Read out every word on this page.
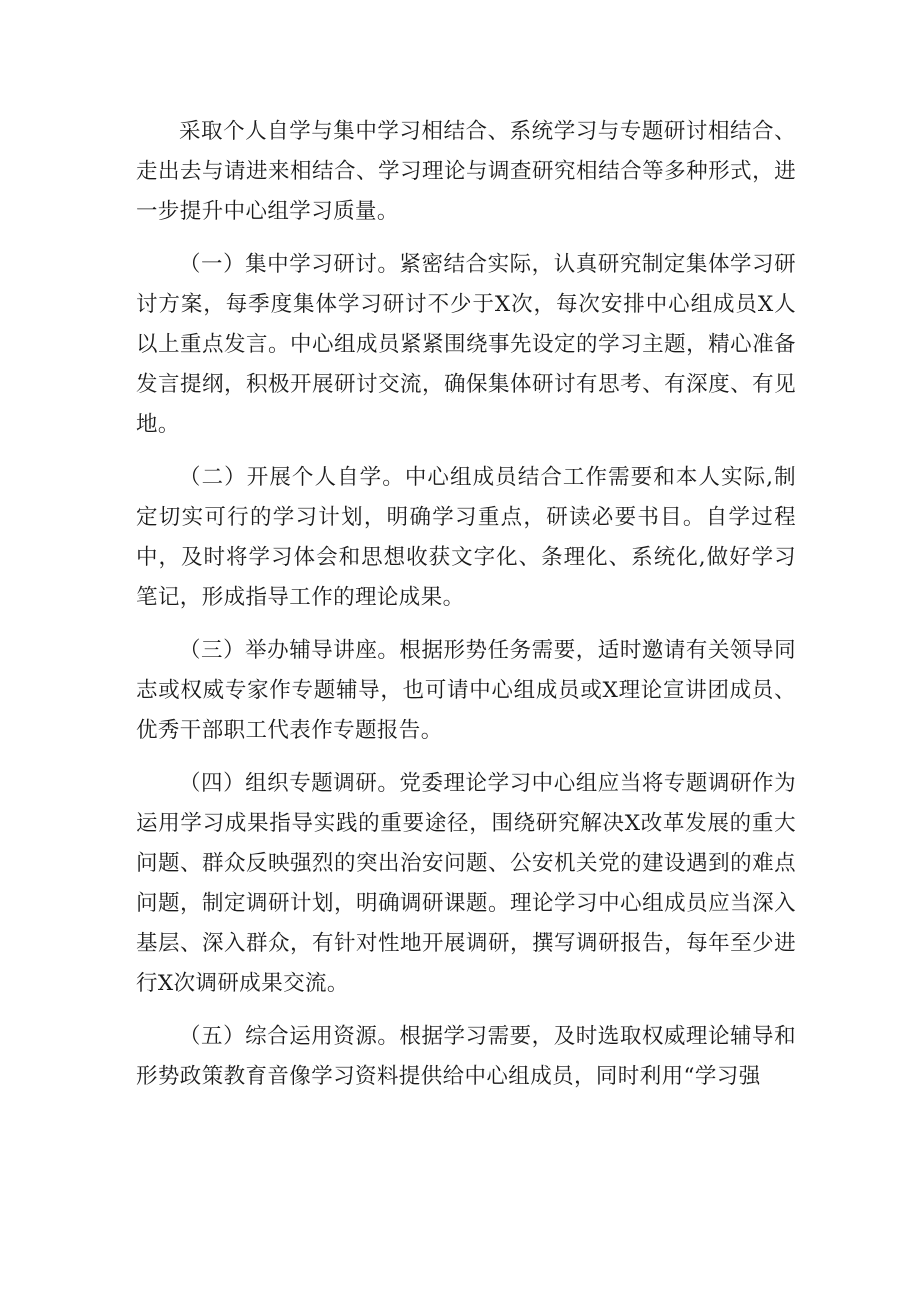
采取个人自学与集中学习相结合、系统学习与专题研讨相结合、走出去与请进来相结合、学习理论与调查研究相结合等多种形式，进一步提升中心组学习质量。

（一）集中学习研讨。紧密结合实际，认真研究制定集体学习研讨方案，每季度集体学习研讨不少于X次，每次安排中心组成员X人以上重点发言。中心组成员紧紧围绕事先设定的学习主题，精心准备发言提纲，积极开展研讨交流，确保集体研讨有思考、有深度、有见地。

（二）开展个人自学。中心组成员结合工作需要和本人实际,制定切实可行的学习计划，明确学习重点，研读必要书目。自学过程中，及时将学习体会和思想收获文字化、条理化、系统化,做好学习笔记，形成指导工作的理论成果。

（三）举办辅导讲座。根据形势任务需要，适时邀请有关领导同志或权威专家作专题辅导，也可请中心组成员或X理论宣讲团成员、优秀干部职工代表作专题报告。

（四）组织专题调研。党委理论学习中心组应当将专题调研作为运用学习成果指导实践的重要途径，围绕研究解决X改革发展的重大问题、群众反映强烈的突出治安问题、公安机关党的建设遇到的难点问题，制定调研计划，明确调研课题。理论学习中心组成员应当深入基层、深入群众，有针对性地开展调研，撰写调研报告，每年至少进行X次调研成果交流。

（五）综合运用资源。根据学习需要，及时选取权威理论辅导和形势政策教育音像学习资料提供给中心组成员，同时利用“学习强
